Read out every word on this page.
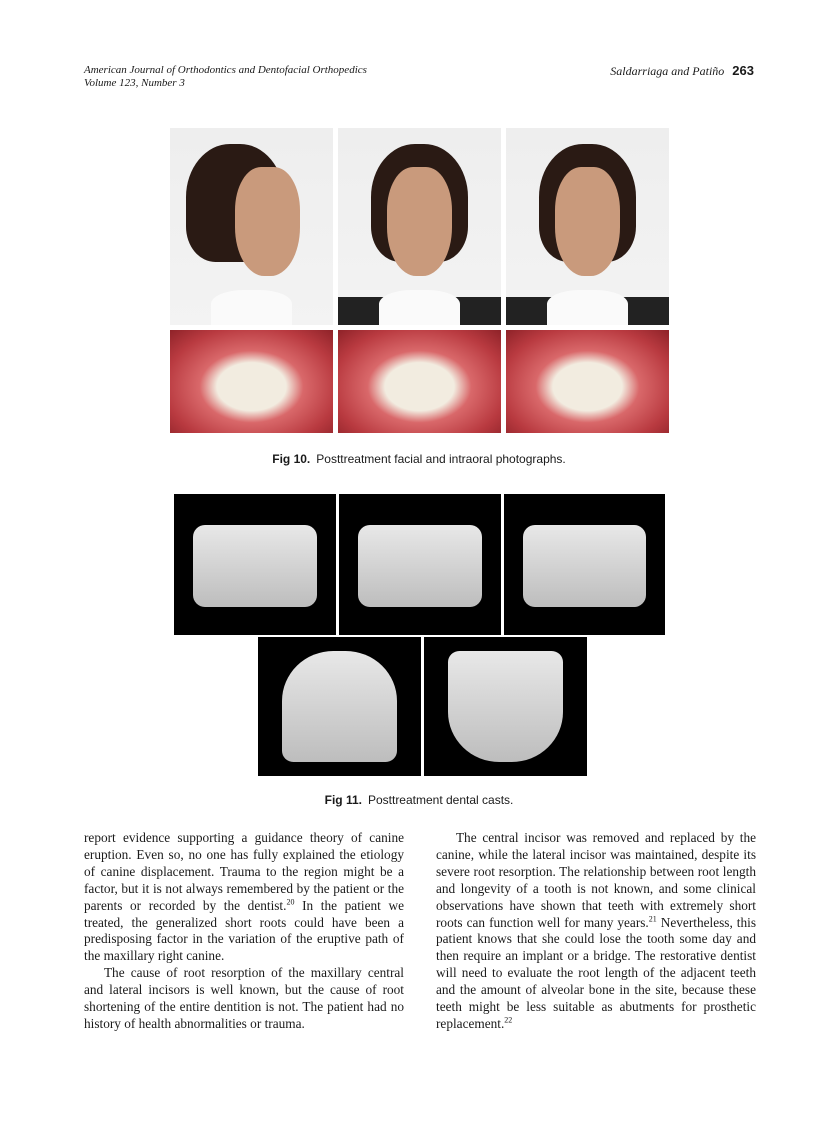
American Journal of Orthodontics and Dentofacial Orthopedics
Volume 123, Number 3
Saldarriaga and Patiño 263
Fig 10. Posttreatment facial and intraoral photographs.
Fig 11. Posttreatment dental casts.

report evidence supporting a guidance theory of canine eruption. Even so, no one has fully explained the etiology of canine displacement. Trauma to the region might be a factor, but it is not always remembered by the patient or the parents or recorded by the dentist.$^{20}$ In the patient we treated, the generalized short roots could have been a predisposing factor in the variation of the eruptive path of the maxillary right canine.

The cause of root resorption of the maxillary central and lateral incisors is well known, but the cause of root shortening of the entire dentition is not. The patient had no history of health abnormalities or trauma.

The central incisor was removed and replaced by the canine, while the lateral incisor was maintained, despite its severe root resorption. The relationship between root length and longevity of a tooth is not known, and some clinical observations have shown that teeth with extremely short roots can function well for many years.$^{21}$ Nevertheless, this patient knows that she could lose the tooth some day and then require an implant or a bridge. The restorative dentist will need to evaluate the root length of the adjacent teeth and the amount of alveolar bone in the site, because these teeth might be less suitable as abutments for prosthetic replacement.$^{22}$
